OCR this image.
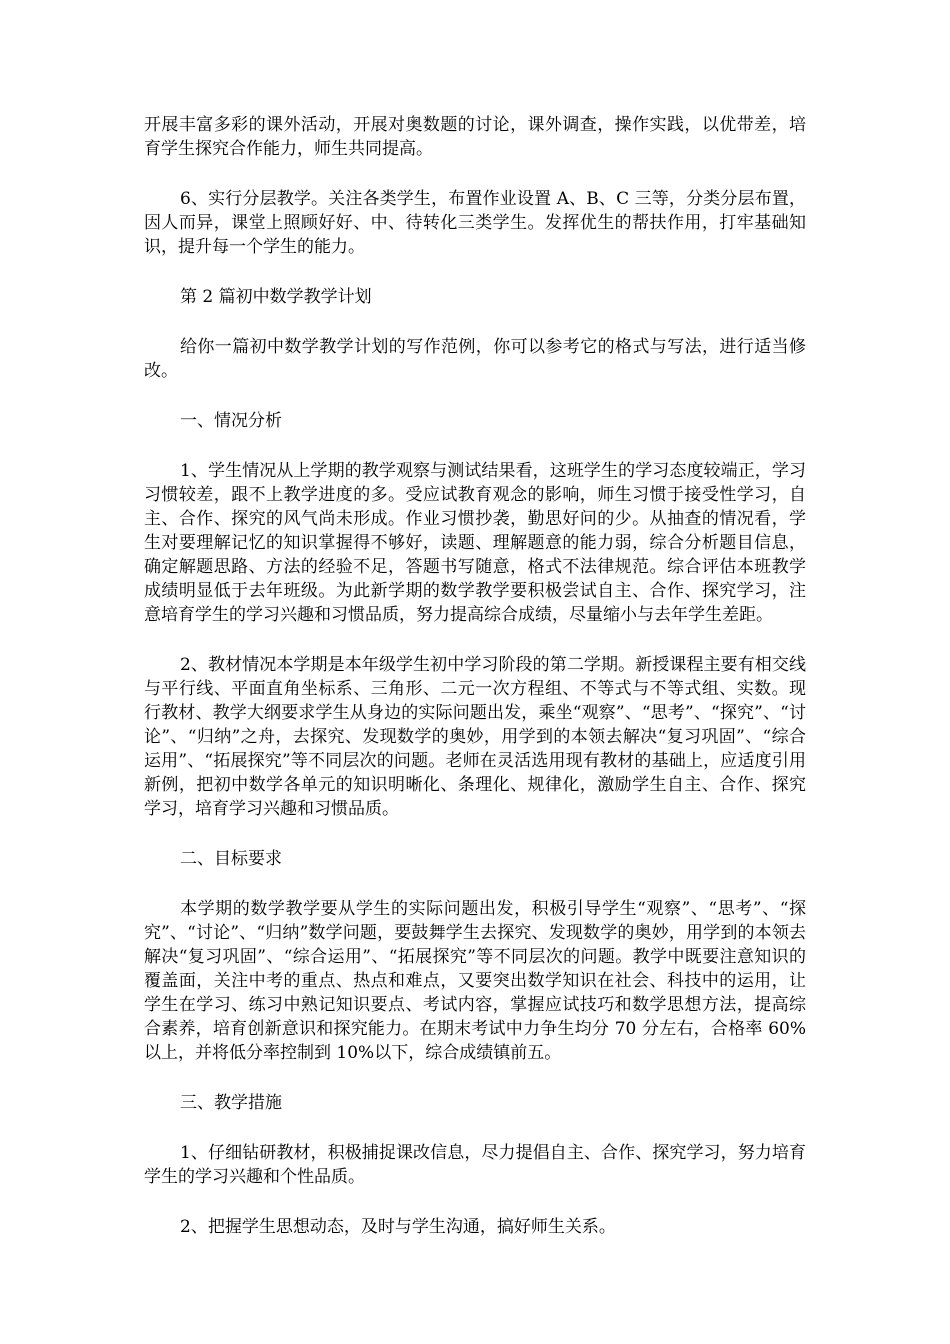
开展丰富多彩的课外活动，开展对奥数题的讨论，课外调查，操作实践，以优带差，培育学生探究合作能力，师生共同提高。

6、实行分层教学。关注各类学生，布置作业设置 A、B、C 三等，分类分层布置，因人而异，课堂上照顾好好、中、待转化三类学生。发挥优生的帮扶作用，打牢基础知识，提升每一个学生的能力。

第 2 篇初中数学教学计划

给你一篇初中数学教学计划的写作范例，你可以参考它的格式与写法，进行适当修改。

一、情况分析

1、学生情况从上学期的教学观察与测试结果看，这班学生的学习态度较端正，学习习惯较差，跟不上教学进度的多。受应试教育观念的影响，师生习惯于接受性学习，自主、合作、探究的风气尚未形成。作业习惯抄袭，勤思好问的少。从抽查的情况看，学生对要理解记忆的知识掌握得不够好，读题、理解题意的能力弱，综合分析题目信息，确定解题思路、方法的经验不足，答题书写随意，格式不法律规范。综合评估本班教学成绩明显低于去年班级。为此新学期的数学教学要积极尝试自主、合作、探究学习，注意培育学生的学习兴趣和习惯品质，努力提高综合成绩，尽量缩小与去年学生差距。

2、教材情况本学期是本年级学生初中学习阶段的第二学期。新授课程主要有相交线与平行线、平面直角坐标系、三角形、二元一次方程组、不等式与不等式组、实数。现行教材、教学大纲要求学生从身边的实际问题出发，乘坐“观察”、“思考”、“探究”、“讨论”、“归纳”之舟，去探究、发现数学的奥妙，用学到的本领去解决“复习巩固”、“综合运用”、“拓展探究”等不同层次的问题。老师在灵活选用现有教材的基础上，应适度引用新例，把初中数学各单元的知识明晰化、条理化、规律化，激励学生自主、合作、探究学习，培育学习兴趣和习惯品质。

二、目标要求

本学期的数学教学要从学生的实际问题出发，积极引导学生“观察”、“思考”、“探究”、“讨论”、“归纳”数学问题，要鼓舞学生去探究、发现数学的奥妙，用学到的本领去解决“复习巩固”、“综合运用”、“拓展探究”等不同层次的问题。教学中既要注意知识的覆盖面，关注中考的重点、热点和难点，又要突出数学知识在社会、科技中的运用，让学生在学习、练习中熟记知识要点、考试内容，掌握应试技巧和数学思想方法，提高综合素养，培育创新意识和探究能力。在期末考试中力争生均分 70 分左右，合格率 60%以上，并将低分率控制到 10%以下，综合成绩镇前五。

三、教学措施

1、仔细钻研教材，积极捕捉课改信息，尽力提倡自主、合作、探究学习，努力培育学生的学习兴趣和个性品质。

2、把握学生思想动态，及时与学生沟通，搞好师生关系。
